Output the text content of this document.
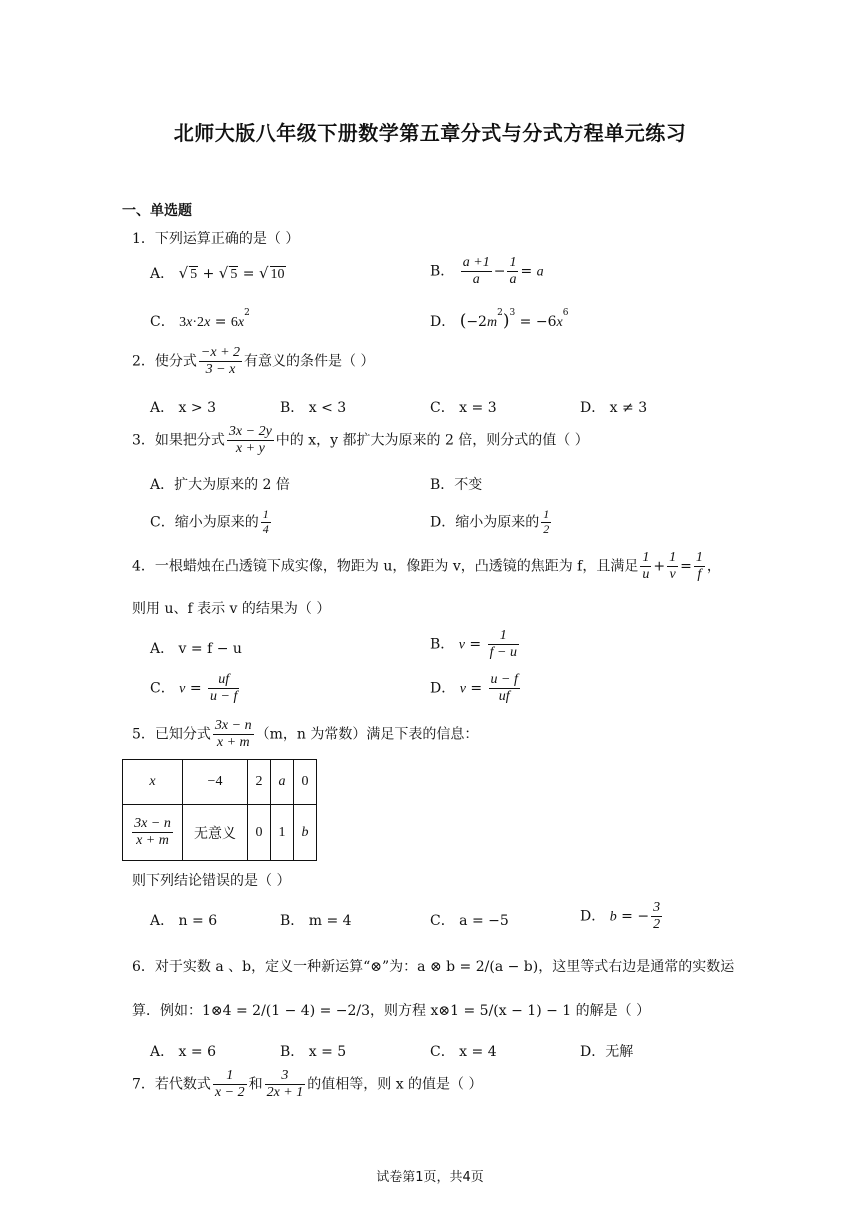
北师大版八年级下册数学第五章分式与分式方程单元练习
一、单选题
1．下列运算正确的是（ ）
A． √ 5 + √ 5 = √ 10	B． $\frac{a +1}{a} - \frac{1}{a} = a$
C． $3x\cdot 2x = 6x^2$
D． $(-2m^2)^3 = -6x^6$
2．使分式 $\frac{-x + 2}{3 - x}$ 有意义的条件是（ ）
A． x > 3	B． x < 3	C． x = 3	D． x ≠ 3
3．如果把分式 $\frac{3x - 2y}{x + y}$ 中的 x，y 都扩大为原来的 2 倍，则分式的值（ ）
A．扩大为原来的 2 倍	B．不变
C．缩小为原来的 $\frac{1}{4}$	D．缩小为原来的 $\frac{1}{2}$
4．一根蜡烛在凸透镜下成实像，物距为 u，像距为 v，凸透镜的焦距为 f，且满足 $\frac{1}{u} + \frac{1}{v} = \frac{1}{f}$ ，
则用 u、f 表示 v 的结果为（ ）
A． v = f − u	B． $v = \frac{1}{f - u}$
C． $v = \frac{uf}{u - f}$	D． $v = \frac{u - f}{uf}$
5．已知分式 $\frac{3x - n}{x + m} (m$，n 为常数）满足下表的信息：
x	−4	2	a	0

$\frac{3x - n}{x + m}$	无意义	0	1	b
则下列结论错误的是（ ）
A． n = 6	B． m = 4	C． a = −5	D． b = − $\frac{3}{2}$
6．对于实数 a 、b，定义一种新运算“⊗”为：a ⊗ b = 2/(a − b)，这里等式右边是通常的实数运
算．例如：1⊗4 = 2/(1 − 4) = −2/3，则方程 x⊗1 = 5/(x − 1) − 1 的解是（ ）
A． x = 6	B． x = 5	C． x = 4	D．无解
7．若代数式 $\frac{1}{x - 2}$ 和 $\frac{3}{2x + 1}$ 的值相等，则 x 的值是（ ）
试卷第1页，共4页
